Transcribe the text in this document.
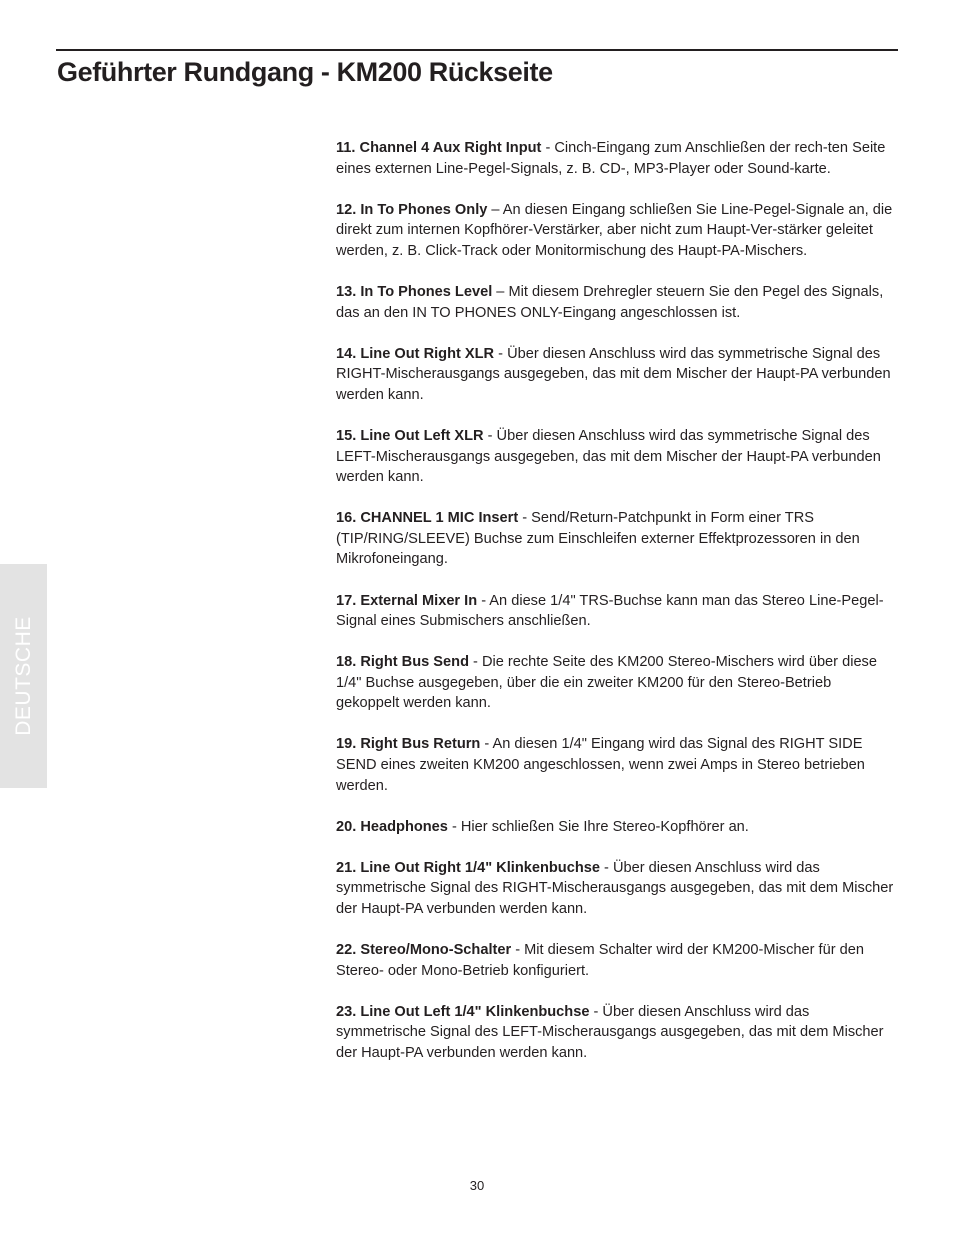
Geführter Rundgang - KM200 Rückseite
DEUTSCHE

11. Channel 4 Aux Right Input - Cinch-Eingang zum Anschließen der rech-ten Seite eines externen Line-Pegel-Signals, z. B. CD-, MP3-Player oder Sound-karte.

12. In To Phones Only – An diesen Eingang schließen Sie Line-Pegel-Signale an, die direkt zum internen Kopfhörer-Verstärker, aber nicht zum Haupt-Ver-stärker geleitet werden, z. B. Click-Track oder Monitormischung des Haupt-PA-Mischers.

13. In To Phones Level – Mit diesem Drehregler steuern Sie den Pegel des Signals, das an den IN TO PHONES ONLY-Eingang angeschlossen ist.

14. Line Out Right XLR - Über diesen Anschluss wird das symmetrische Signal des RIGHT-Mischerausgangs ausgegeben, das mit dem Mischer der Haupt-PA verbunden werden kann.

15. Line Out Left XLR - Über diesen Anschluss wird das symmetrische Signal des LEFT-Mischerausgangs ausgegeben, das mit dem Mischer der Haupt-PA verbunden werden kann.

16. CHANNEL 1 MIC Insert - Send/Return-Patchpunkt in Form einer TRS (TIP/RING/SLEEVE) Buchse zum Einschleifen externer Effektprozessoren in den Mikrofoneingang.

17. External Mixer In - An diese 1/4" TRS-Buchse kann man das Stereo Line-Pegel-Signal eines Submischers anschließen.

18. Right Bus Send - Die rechte Seite des KM200 Stereo-Mischers wird über diese 1/4" Buchse ausgegeben, über die ein zweiter KM200 für den Stereo-Betrieb gekoppelt werden kann.

19. Right Bus Return - An diesen 1/4" Eingang wird das Signal des RIGHT SIDE SEND eines zweiten KM200 angeschlossen, wenn zwei Amps in Stereo betrieben werden.

20. Headphones - Hier schließen Sie Ihre Stereo-Kopfhörer an.

21. Line Out Right 1/4" Klinkenbuchse - Über diesen Anschluss wird das symmetrische Signal des RIGHT-Mischerausgangs ausgegeben, das mit dem Mischer der Haupt-PA verbunden werden kann.

22. Stereo/Mono-Schalter - Mit diesem Schalter wird der KM200-Mischer für den Stereo- oder Mono-Betrieb konfiguriert.

23. Line Out Left 1/4" Klinkenbuchse - Über diesen Anschluss wird das symmetrische Signal des LEFT-Mischerausgangs ausgegeben, das mit dem Mischer der Haupt-PA verbunden werden kann.

30
